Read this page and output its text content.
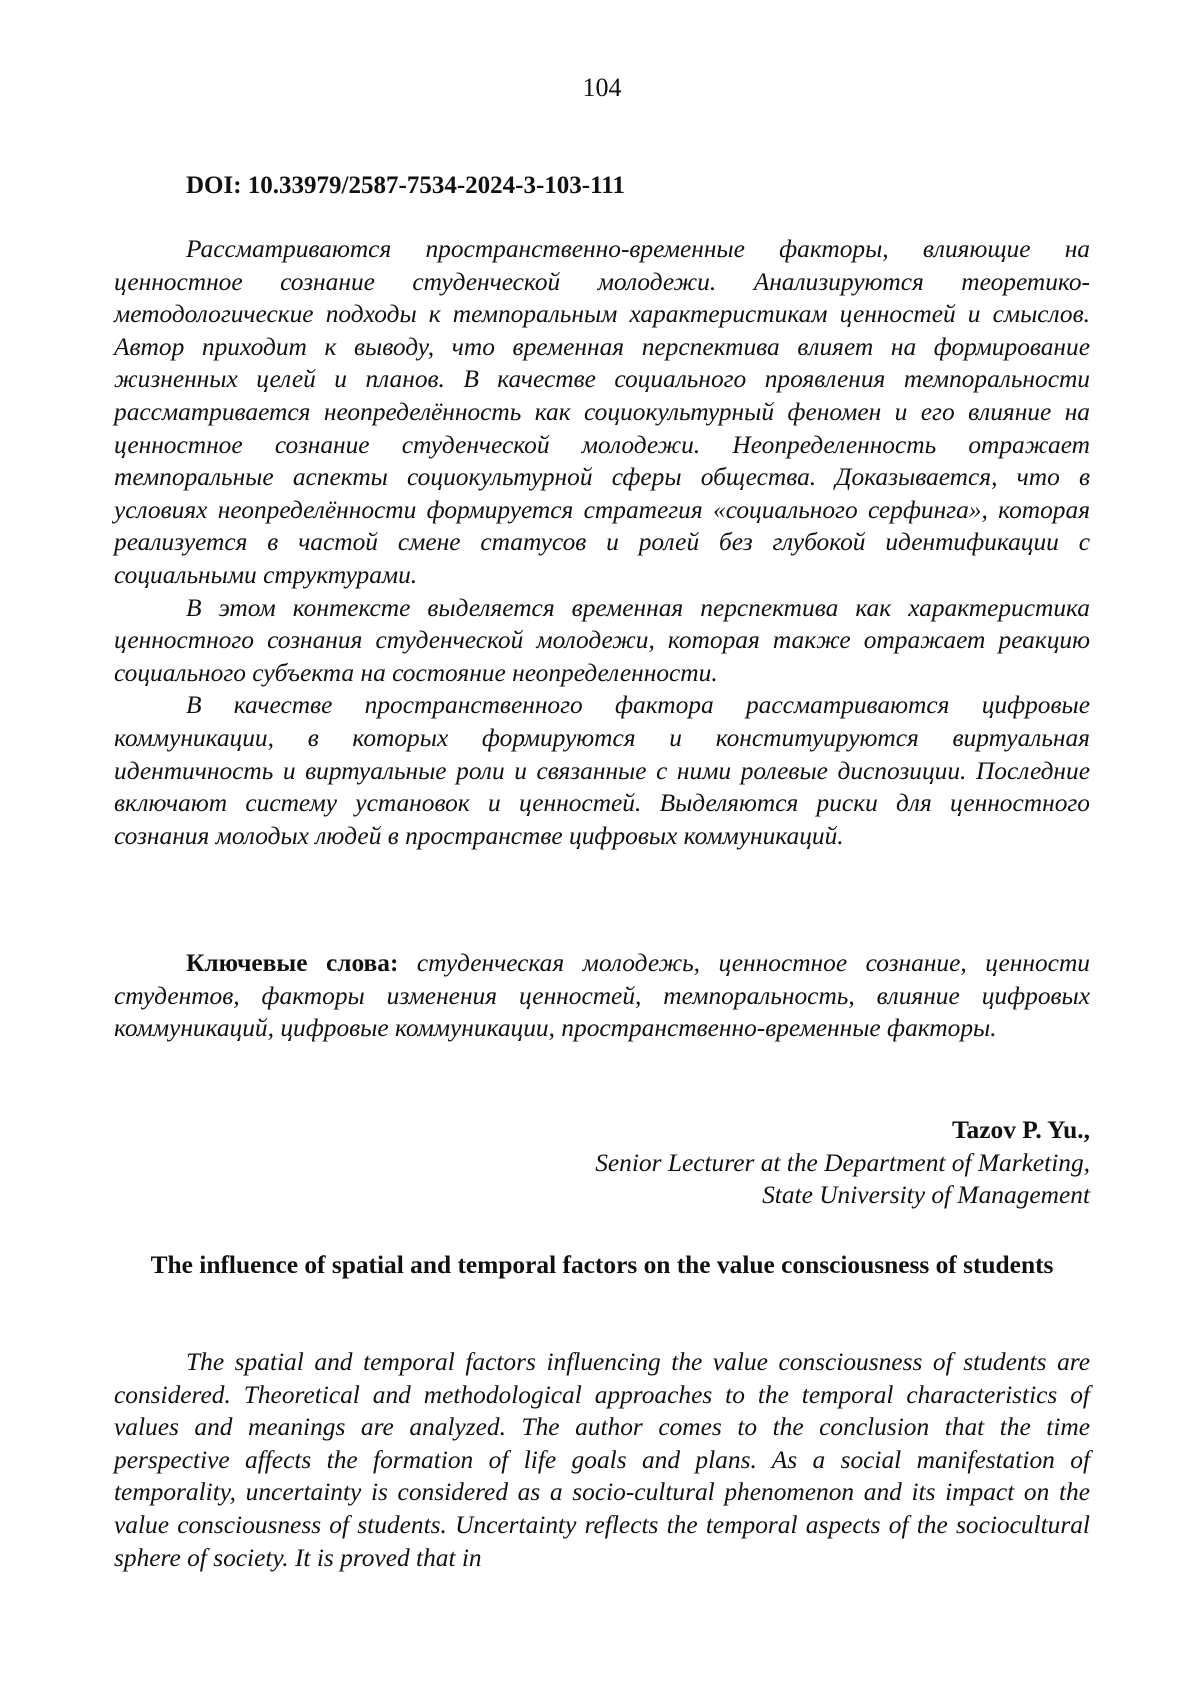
104
DOI: 10.33979/2587-7534-2024-3-103-111

Рассматриваются пространственно-временные факторы, влияющие на ценностное сознание студенческой молодежи. Анализируются теоретико-методологические подходы к темпоральным характеристикам ценностей и смыслов. Автор приходит к выводу, что временная перспектива влияет на формирование жизненных целей и планов. В качестве социального проявления темпоральности рассматривается неопределённость как социокультурный феномен и его влияние на ценностное сознание студенческой молодежи. Неопределенность отражает темпоральные аспекты социокультурной сферы общества. Доказывается, что в условиях неопределённости формируется стратегия «социального серфинга», которая реализуется в частой смене статусов и ролей без глубокой идентификации с социальными структурами.

В этом контексте выделяется временная перспектива как характеристика ценностного сознания студенческой молодежи, которая также отражает реакцию социального субъекта на состояние неопределенности.

В качестве пространственного фактора рассматриваются цифровые коммуникации, в которых формируются и конституируются виртуальная идентичность и виртуальные роли и связанные с ними ролевые диспозиции. Последние включают систему установок и ценностей. Выделяются риски для ценностного сознания молодых людей в пространстве цифровых коммуникаций.

Ключевые слова: студенческая молодежь, ценностное сознание, ценности студентов, факторы изменения ценностей, темпоральность, влияние цифровых коммуникаций, цифровые коммуникации, пространственно-временные факторы.

Tazov P. Yu.,
Senior Lecturer at the Department of Marketing,
State University of Management

The influence of spatial and temporal factors on the value consciousness of students

The spatial and temporal factors influencing the value consciousness of students are considered. Theoretical and methodological approaches to the temporal characteristics of values and meanings are analyzed. The author comes to the conclusion that the time perspective affects the formation of life goals and plans. As a social manifestation of temporality, uncertainty is considered as a socio-cultural phenomenon and its impact on the value consciousness of students. Uncertainty reflects the temporal aspects of the sociocultural sphere of society. It is proved that in
